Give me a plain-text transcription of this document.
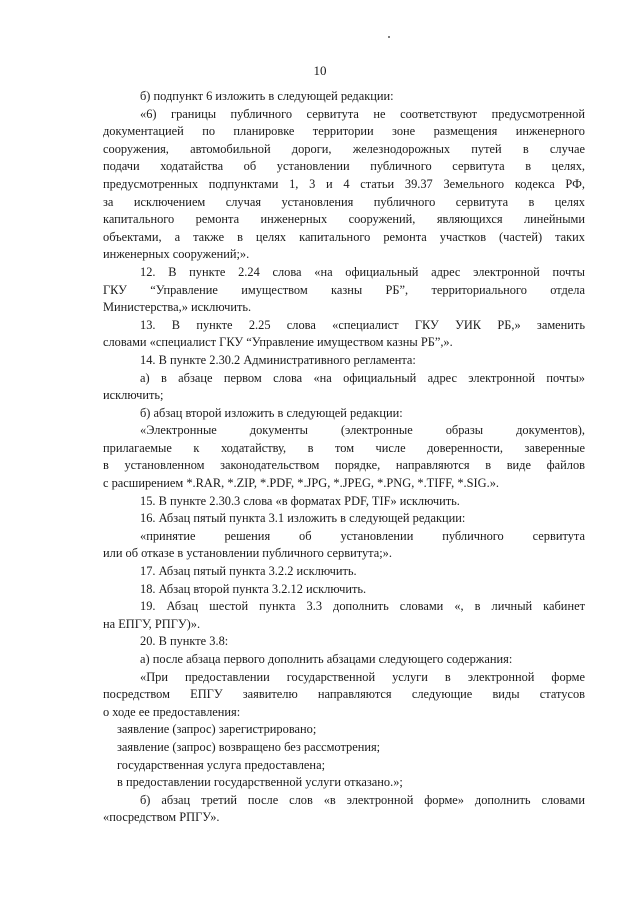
10
б) подпункт 6 изложить в следующей редакции:
«6) границы публичного сервитута не соответствуют предусмотренной
документацией по планировке территории зоне размещения инженерного
сооружения, автомобильной дороги, железнодорожных путей в случае
подачи ходатайства об установлении публичного сервитута в целях,
предусмотренных подпунктами 1, 3 и 4 статьи 39.37 Земельного кодекса РФ,
за исключением случая установления публичного сервитута в целях
капитального ремонта инженерных сооружений, являющихся линейными
объектами, а также в целях капитального ремонта участков (частей) таких
инженерных сооружений;».
12. В пункте 2.24 слова «на официальный адрес электронной почты
ГКУ “Управление имуществом казны РБ”, территориального отдела
Министерства,» исключить.
13. В пункте 2.25 слова «специалист ГКУ УИК РБ,» заменить
словами «специалист ГКУ “Управление имуществом казны РБ”,».
14. В пункте 2.30.2 Административного регламента:
а) в абзаце первом слова «на официальный адрес электронной почты»
исключить;
б) абзац второй изложить в следующей редакции:
«Электронные документы (электронные образы документов),
прилагаемые к ходатайству, в том числе доверенности, заверенные
в установленном законодательством порядке, направляются в виде файлов
с расширением *.RAR, *.ZIP, *.PDF, *.JPG, *.JPEG, *.PNG, *.TIFF, *.SIG.».
15. В пункте 2.30.3 слова «в форматах PDF, TIF» исключить.
16. Абзац пятый пункта 3.1 изложить в следующей редакции:
«принятие решения об установлении публичного сервитута
или об отказе в установлении публичного сервитута;».
17. Абзац пятый пункта 3.2.2 исключить.
18. Абзац второй пункта 3.2.12 исключить.
19. Абзац шестой пункта 3.3 дополнить словами «, в личный кабинет
на ЕПГУ, РПГУ)».
20. В пункте 3.8:
а) после абзаца первого дополнить абзацами следующего содержания:
«При предоставлении государственной услуги в электронной форме
посредством ЕПГУ заявителю направляются следующие виды статусов
о ходе ее предоставления:
заявление (запрос) зарегистрировано;
заявление (запрос) возвращено без рассмотрения;
государственная услуга предоставлена;
в предоставлении государственной услуги отказано.»;
б) абзац третий после слов «в электронной форме» дополнить словами
«посредством РПГУ».
